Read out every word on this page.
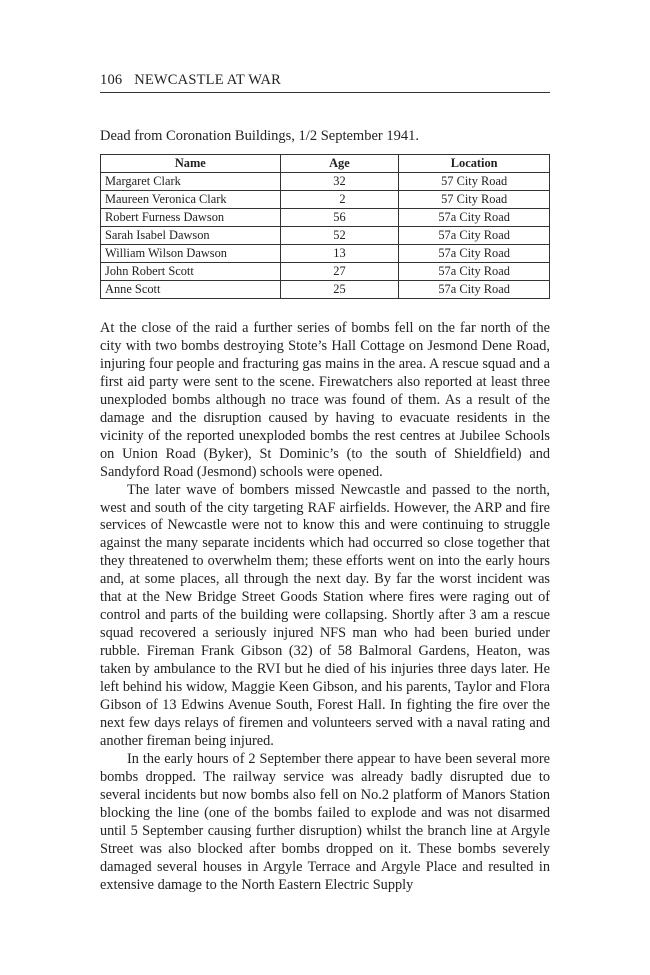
106 NEWCASTLE AT WAR
Dead from Coronation Buildings, 1/2 September 1941.
Name	Age	Location
Margaret Clark	32	57 City Road
Maureen Veronica Clark	2	57 City Road
Robert Furness Dawson	56	57a City Road
Sarah Isabel Dawson	52	57a City Road
William Wilson Dawson	13	57a City Road
John Robert Scott	27	57a City Road
Anne Scott	25	57a City Road

At the close of the raid a further series of bombs fell on the far north of the city with two bombs destroying Stote’s Hall Cottage on Jesmond Dene Road, injuring four people and fracturing gas mains in the area. A rescue squad and a first aid party were sent to the scene. Firewatchers also reported at least three unexploded bombs although no trace was found of them. As a result of the damage and the disruption caused by having to evacuate residents in the vicinity of the reported unexploded bombs the rest centres at Jubilee Schools on Union Road (Byker), St Dominic’s (to the south of Shieldfield) and Sandyford Road (Jesmond) schools were opened.

The later wave of bombers missed Newcastle and passed to the north, west and south of the city targeting RAF airfields. However, the ARP and fire services of Newcastle were not to know this and were continuing to struggle against the many separate incidents which had occurred so close together that they threatened to overwhelm them; these efforts went on into the early hours and, at some places, all through the next day. By far the worst incident was that at the New Bridge Street Goods Station where fires were raging out of control and parts of the building were collapsing. Shortly after 3 am a rescue squad recovered a seriously injured NFS man who had been buried under rubble. Fireman Frank Gibson (32) of 58 Balmoral Gardens, Heaton, was taken by ambulance to the RVI but he died of his injuries three days later. He left behind his widow, Maggie Keen Gibson, and his parents, Taylor and Flora Gibson of 13 Edwins Avenue South, Forest Hall. In fighting the fire over the next few days relays of firemen and volunteers served with a naval rating and another fireman being injured.

In the early hours of 2 September there appear to have been several more bombs dropped. The railway service was already badly disrupted due to several incidents but now bombs also fell on No.2 platform of Manors Station blocking the line (one of the bombs failed to explode and was not disarmed until 5 September causing further disruption) whilst the branch line at Argyle Street was also blocked after bombs dropped on it. These bombs severely damaged several houses in Argyle Terrace and Argyle Place and resulted in extensive damage to the North Eastern Electric Supply
